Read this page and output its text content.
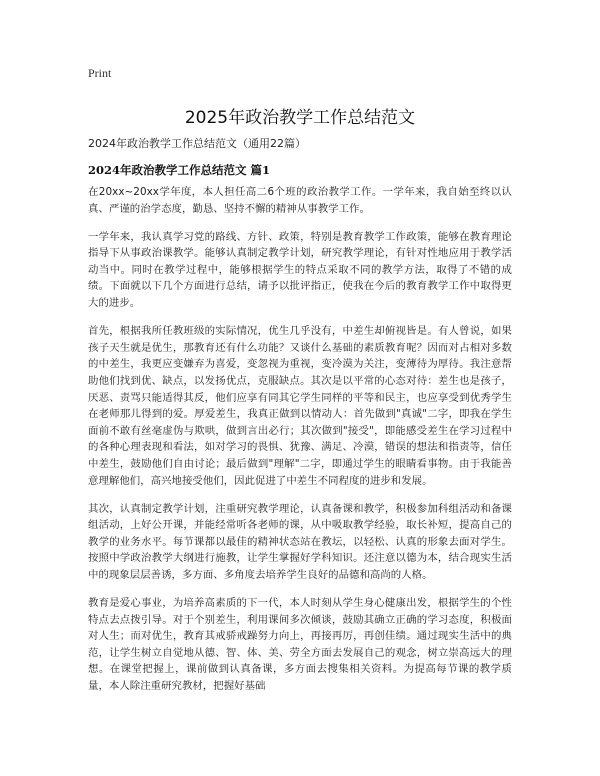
Print
2025年政治教学工作总结范文
2024年政治教学工作总结范文（通用22篇）
2024年政治教学工作总结范文 篇1

在20xx~20xx学年度，本人担任高二6个班的政治教学工作。一学年来，我自始至终以认真、严谨的治学态度，勤恳、坚持不懈的精神从事教学工作。

一学年来，我认真学习党的路线、方针、政策，特别是教育教学工作政策，能够在教育理论指导下从事政治课教学。能够认真制定教学计划，研究教学理论，有针对性地应用于教学活动当中。同时在教学过程中，能够根据学生的特点采取不同的教学方法，取得了不错的成绩。下面就以下几个方面进行总结，请予以批评指正，使我在今后的教育教学工作中取得更大的进步。

首先，根据我所任教班级的实际情况，优生几乎没有，中差生却俯视皆是。有人曾说，如果孩子天生就是优生，那教育还有什么功能？又谈什么基础的素质教育呢？因而对占相对多数的中差生，我更应变嫌弃为喜爱，变忽视为重视，变冷漠为关注，变薄待为厚待。我注意帮助他们找到优、缺点，以发扬优点，克服缺点。其次是以平常的心态对待：差生也是孩子，厌恶、责骂只能适得其反，他们应享有同其它学生同样的平等和民主，也应享受到优秀学生在老师那儿得到的爱。厚爱差生，我真正做到以情动人：首先做到"真诚"二字，即我在学生面前不敢有丝毫虚伪与欺哄，做到言出必行；其次做到"接受"，即能感受差生在学习过程中的各种心理表现和看法，如对学习的畏惧、犹豫、满足、冷漠，错误的想法和指责等，信任中差生，鼓励他们自由讨论；最后做到"理解"二字，即通过学生的眼睛看事物。由于我能善意理解他们，高兴地接受他们，因此促进了中差生不同程度的进步和发展。

其次，认真制定教学计划，注重研究教学理论，认真备课和教学，积极参加科组活动和备课组活动，上好公开课，并能经常听各老师的课，从中吸取教学经验，取长补短，提高自己的教学的业务水平。每节课都以最佳的精神状态站在教坛，以轻松、认真的形象去面对学生。按照中学政治教学大纲进行施教，让学生掌握好学科知识。还注意以德为本，结合现实生活中的现象层层善诱，多方面、多角度去培养学生良好的品德和高尚的人格。

教育是爱心事业，为培养高素质的下一代，本人时刻从学生身心健康出发，根据学生的个性特点去点拨引导。对于个别差生，利用课间多次倾谈，鼓励其确立正确的学习态度，积极面对人生；而对优生，教育其戒骄戒躁努力向上，再接再厉，再创佳绩。通过现实生活中的典范，让学生树立自觉地从德、智、体、美、劳全方面去发展自己的观念，树立崇高远大的理想。在课堂把握上，课前做到认真备课，多方面去搜集相关资料。为提高每节课的教学质量，本人除注重研究教材，把握好基础
